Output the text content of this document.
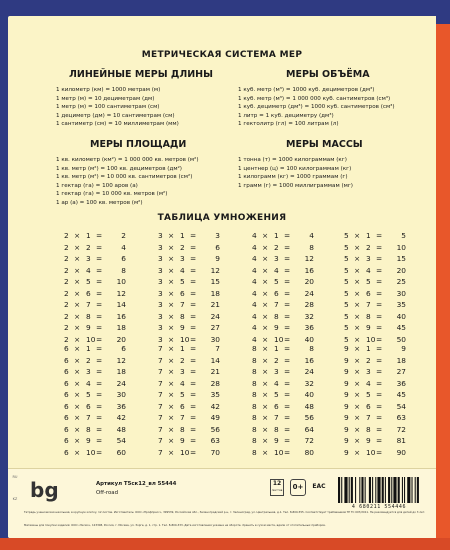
МЕТРИЧЕСКАЯ СИСТЕМА МЕР
ЛИНЕЙНЫЕ МЕРЫ ДЛИНЫ
1 километр (км) = 1000 метрам (м)
1 метр (м) = 10 дециметрам (дм)
1 метр (м) = 100 сантиметрам (см)
1 дециметр (дм) = 10 сантиметрам (см)
1 сантиметр (см) = 10 миллиметрам (мм)
МЕРЫ ОБЪЁМА
1 куб. метр (м³) = 1000 куб. дециметров (дм³)
1 куб. метр (м³) = 1 000 000 куб. сантиметров (см³)
1 куб. дециметр (дм³) = 1000 куб. сантиметров (см³)
1 литр = 1 куб. дециметру (дм³)
1 гектолитр (гл) = 100 литрам (л)
МЕРЫ ПЛОЩАДИ
1 кв. километр (км²) = 1 000 000 кв. метров (м²)
1 кв. метр (м²) = 100 кв. дециметров (дм²)
1 кв. метр (м²) = 10 000 кв. сантиметров (см²)
1 гектар (га) = 100 аров (а)
1 гектар (га) = 10 000 кв. метров (м²)
1 ар (а) = 100 кв. метров (м²)
МЕРЫ МАССЫ
1 тонна (т) = 1000 килограммам (кг)
1 центнер (ц) = 100 килограммам (кг)
1 килограмм (кг) = 1000 граммам (г)
1 грамм (г) = 1000 миллиграммам (мг)
ТАБЛИЦА УМНОЖЕНИЯ
2 × 1 =	2
2 × 2 =	4
2 × 3 =	6
2 × 4 =	8
2 × 5 =	10
2 × 6 =	12
2 × 7 =	14
2 × 8 =	16
2 × 9 =	18
2 × 10 =	20
3 × 1 =	3
3 × 2 =	6
3 × 3 =	9
3 × 4 =	12
3 × 5 =	15
3 × 6 =	18
3 × 7 =	21
3 × 8 =	24
3 × 9 =	27
3 × 10 =	30
4 × 1 =	4
4 × 2 =	8
4 × 3 =	12
4 × 4 =	16
4 × 5 =	20
4 × 6 =	24
4 × 7 =	28
4 × 8 =	32
4 × 9 =	36
4 × 10 =	40
5 × 1 =	5
5 × 2 =	10
5 × 3 =	15
5 × 4 =	20
5 × 5 =	25
5 × 6 =	30
5 × 7 =	35
5 × 8 =	40
5 × 9 =	45
5 × 10 =	50
6 × 1 =	6
6 × 2 =	12
6 × 3 =	18
6 × 4 =	24
6 × 5 =	30
6 × 6 =	36
6 × 7 =	42
6 × 8 =	48
6 × 9 =	54
6 × 10 =	60
7 × 1 =	7
7 × 2 =	14
7 × 3 =	21
7 × 4 =	28
7 × 5 =	35
7 × 6 =	42
7 × 7 =	49
7 × 8 =	56
7 × 9 =	63
7 × 10 =	70
8 × 1 =	8
8 × 2 =	16
8 × 3 =	24
8 × 4 =	32
8 × 5 =	40
8 × 6 =	48
8 × 7 =	56
8 × 8 =	64
8 × 9 =	72
8 × 10 =	80
9 × 1 =	9
9 × 2 =	18
9 × 3 =	27
9 × 4 =	36
9 × 5 =	45
9 × 6 =	54
9 × 7 =	63
9 × 8 =	72
9 × 9 =	81
9 × 10 =	90
RU
KZ bg	Артикул Т5ск12_вл 55444
Off-road
12
листов	0+	EAC
4 680211 554446
Тетрадь ученическая школьная, в крупную клетку, 12 листов. Изготовитель: ООО «Профпресс», 399539, Российская обл., Зеленоградский р-н, г. Зеленоград, ул. Центральная, д.1. Тел. 8-800-555. Соответствует требованиям ТР ТС 007/2011. Не рекомендуется для детей до 3 лет.
Магазины для покупки изделия: ООО «Эксмо», 123308, Россия, г. Москва, ул. Зорге, д. 1, стр. 1. Тел. 8-800-333. Дата изготовления указана на обороте. Хранить в сухом месте, вдали от отопительных приборов.
